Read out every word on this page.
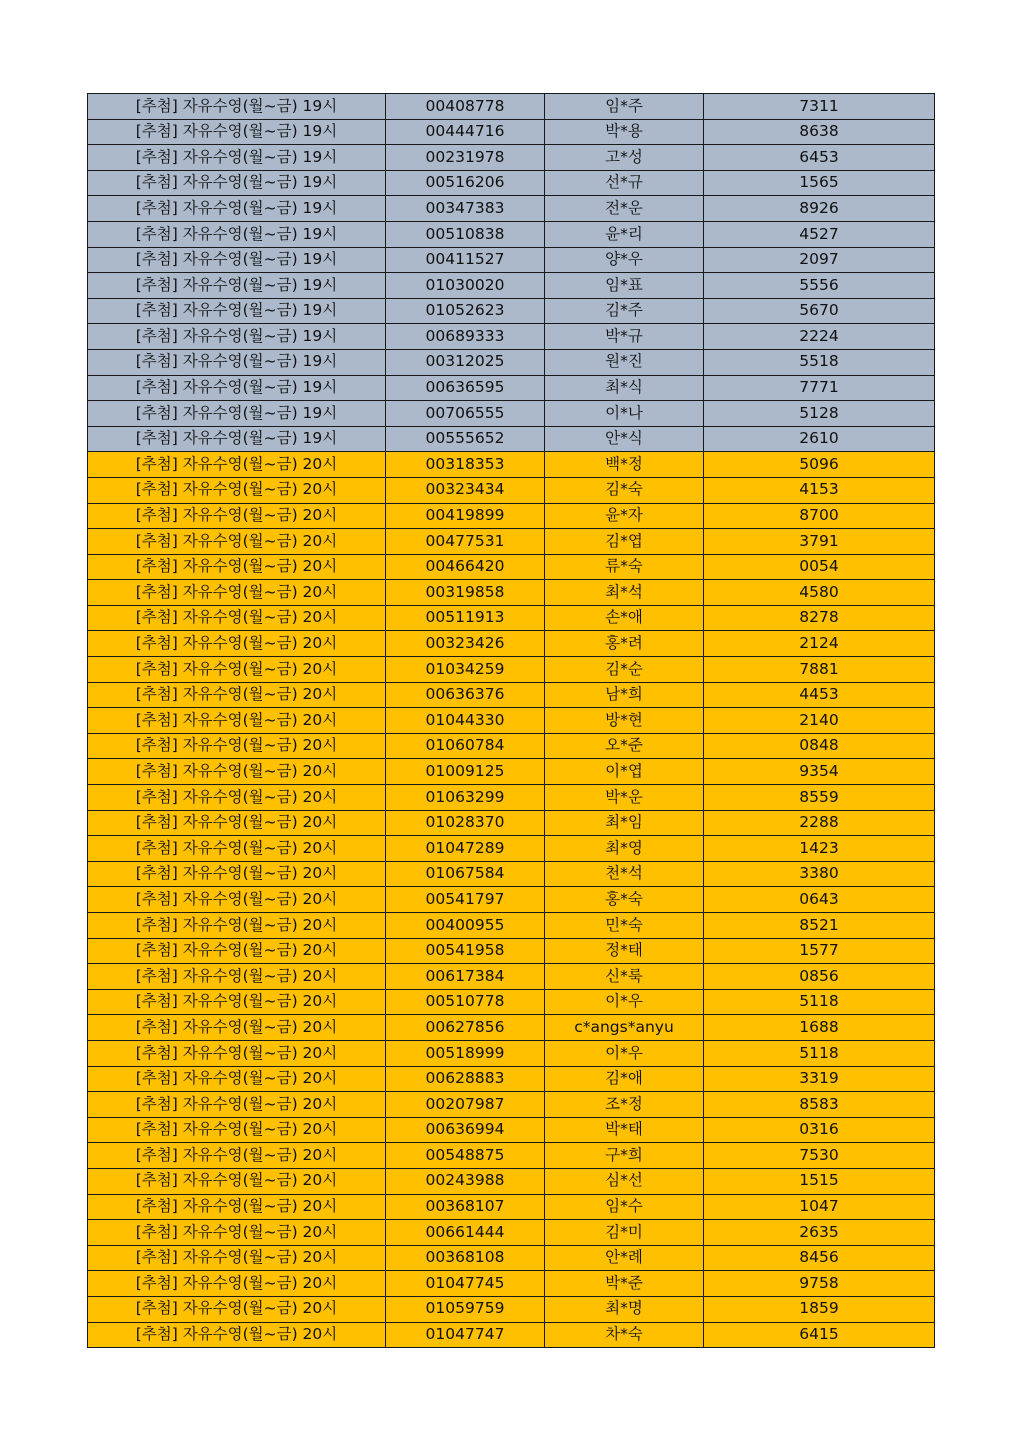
[추첨] 자유수영(월~금) 19시	00408778	임*주	7311
[추첨] 자유수영(월~금) 19시	00444716	박*용	8638
[추첨] 자유수영(월~금) 19시	00231978	고*성	6453
[추첨] 자유수영(월~금) 19시	00516206	선*규	1565
[추첨] 자유수영(월~금) 19시	00347383	전*운	8926
[추첨] 자유수영(월~금) 19시	00510838	윤*리	4527
[추첨] 자유수영(월~금) 19시	00411527	양*우	2097
[추첨] 자유수영(월~금) 19시	01030020	임*표	5556
[추첨] 자유수영(월~금) 19시	01052623	김*주	5670
[추첨] 자유수영(월~금) 19시	00689333	박*규	2224
[추첨] 자유수영(월~금) 19시	00312025	원*진	5518
[추첨] 자유수영(월~금) 19시	00636595	최*식	7771
[추첨] 자유수영(월~금) 19시	00706555	이*나	5128
[추첨] 자유수영(월~금) 19시	00555652	안*식	2610
[추첨] 자유수영(월~금) 20시	00318353	백*정	5096
[추첨] 자유수영(월~금) 20시	00323434	김*숙	4153
[추첨] 자유수영(월~금) 20시	00419899	윤*자	8700
[추첨] 자유수영(월~금) 20시	00477531	김*엽	3791
[추첨] 자유수영(월~금) 20시	00466420	류*숙	0054
[추첨] 자유수영(월~금) 20시	00319858	최*석	4580
[추첨] 자유수영(월~금) 20시	00511913	손*애	8278
[추첨] 자유수영(월~금) 20시	00323426	홍*려	2124
[추첨] 자유수영(월~금) 20시	01034259	김*순	7881
[추첨] 자유수영(월~금) 20시	00636376	남*희	4453
[추첨] 자유수영(월~금) 20시	01044330	방*현	2140
[추첨] 자유수영(월~금) 20시	01060784	오*준	0848
[추첨] 자유수영(월~금) 20시	01009125	이*엽	9354
[추첨] 자유수영(월~금) 20시	01063299	박*운	8559
[추첨] 자유수영(월~금) 20시	01028370	최*임	2288
[추첨] 자유수영(월~금) 20시	01047289	최*영	1423
[추첨] 자유수영(월~금) 20시	01067584	천*석	3380
[추첨] 자유수영(월~금) 20시	00541797	홍*숙	0643
[추첨] 자유수영(월~금) 20시	00400955	민*숙	8521
[추첨] 자유수영(월~금) 20시	00541958	정*태	1577
[추첨] 자유수영(월~금) 20시	00617384	신*룩	0856
[추첨] 자유수영(월~금) 20시	00510778	이*우	5118
[추첨] 자유수영(월~금) 20시	00627856	c*angs*anyu	1688
[추첨] 자유수영(월~금) 20시	00518999	이*우	5118
[추첨] 자유수영(월~금) 20시	00628883	김*애	3319
[추첨] 자유수영(월~금) 20시	00207987	조*정	8583
[추첨] 자유수영(월~금) 20시	00636994	박*태	0316
[추첨] 자유수영(월~금) 20시	00548875	구*희	7530
[추첨] 자유수영(월~금) 20시	00243988	심*선	1515
[추첨] 자유수영(월~금) 20시	00368107	임*수	1047
[추첨] 자유수영(월~금) 20시	00661444	김*미	2635
[추첨] 자유수영(월~금) 20시	00368108	안*례	8456
[추첨] 자유수영(월~금) 20시	01047745	박*준	9758
[추첨] 자유수영(월~금) 20시	01059759	최*명	1859
[추첨] 자유수영(월~금) 20시	01047747	차*숙	6415
